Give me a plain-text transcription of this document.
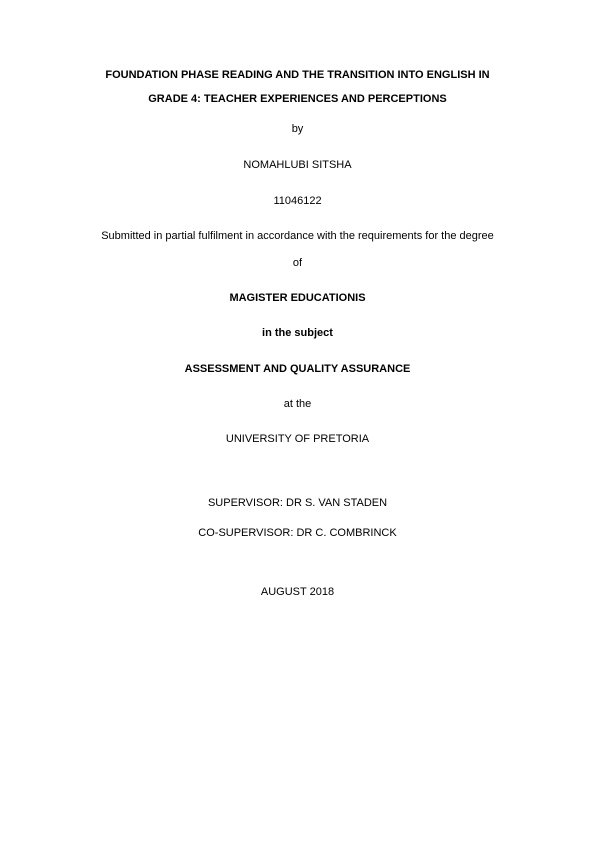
FOUNDATION PHASE READING AND THE TRANSITION INTO ENGLISH IN
GRADE 4: TEACHER EXPERIENCES AND PERCEPTIONS
by
NOMAHLUBI SITSHA
11046122
Submitted in partial fulfilment in accordance with the requirements for the degree
of
MAGISTER EDUCATIONIS
in the subject
ASSESSMENT AND QUALITY ASSURANCE
at the
UNIVERSITY OF PRETORIA
SUPERVISOR: DR S. VAN STADEN
CO-SUPERVISOR: DR C. COMBRINCK
AUGUST 2018
